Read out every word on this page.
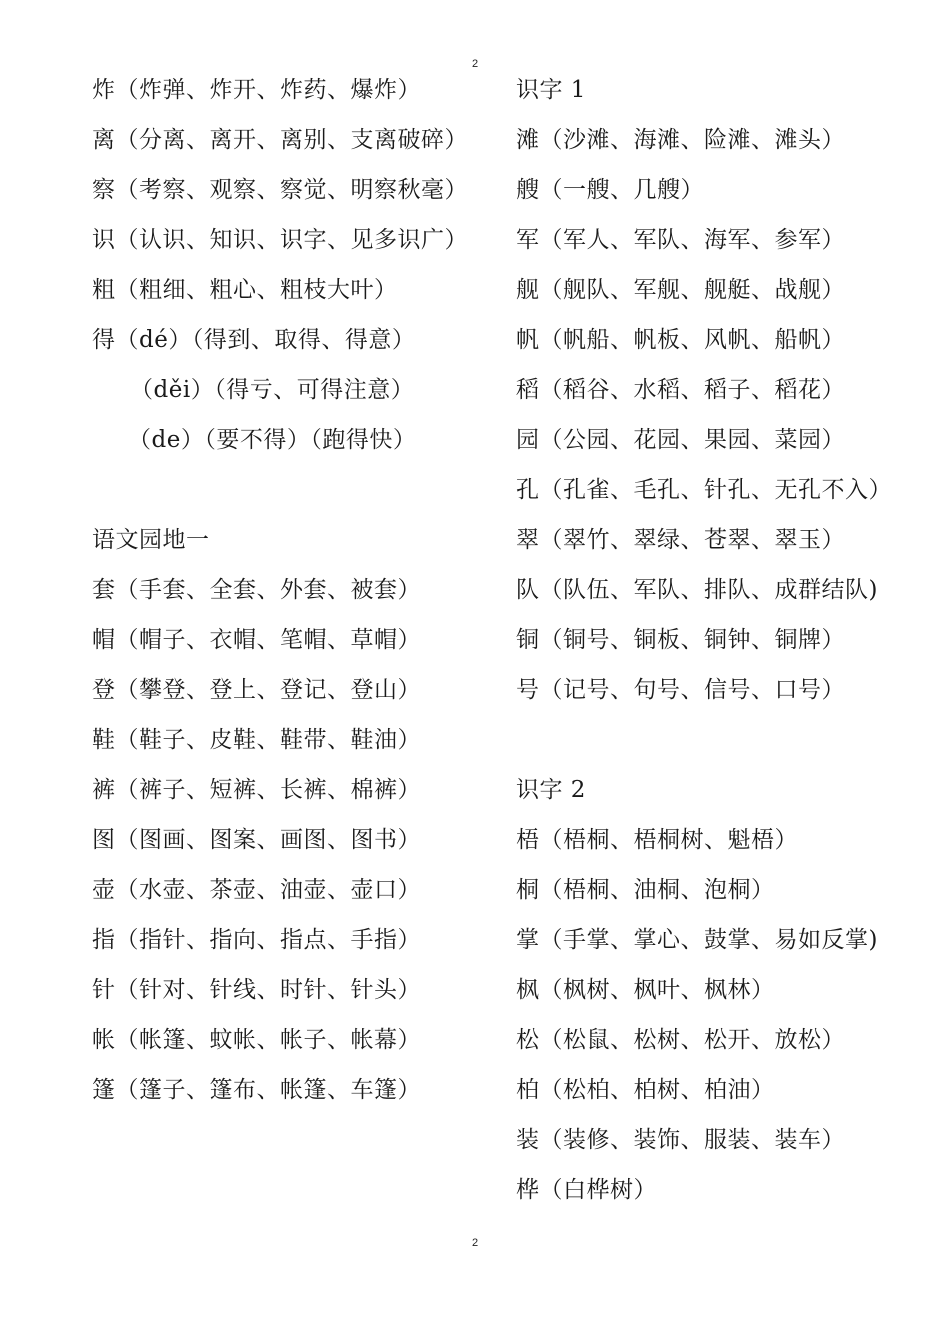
2
炸（炸弹、炸开、炸药、爆炸）
离（分离、离开、离别、支离破碎）
察（考察、观察、察觉、明察秋毫）
识（认识、知识、识字、见多识广）
粗（粗细、粗心、粗枝大叶）
得（dé）（得到、取得、得意）
（děi）（得亏、可得注意）
（de）（要不得）（跑得快）
语文园地一
套（手套、全套、外套、被套）
帽（帽子、衣帽、笔帽、草帽）
登（攀登、登上、登记、登山）
鞋（鞋子、皮鞋、鞋带、鞋油）
裤（裤子、短裤、长裤、棉裤）
图（图画、图案、画图、图书）
壶（水壶、茶壶、油壶、壶口）
指（指针、指向、指点、手指）
针（针对、针线、时针、针头）
帐（帐篷、蚊帐、帐子、帐幕）
篷（篷子、篷布、帐篷、车篷）
识字 1
滩（沙滩、海滩、险滩、滩头）
艘（一艘、几艘）
军（军人、军队、海军、参军）
舰（舰队、军舰、舰艇、战舰）
帆（帆船、帆板、风帆、船帆）
稻（稻谷、水稻、稻子、稻花）
园（公园、花园、果园、菜园）
孔（孔雀、毛孔、针孔、无孔不入）
翠（翠竹、翠绿、苍翠、翠玉）
队（队伍、军队、排队、成群结队)
铜（铜号、铜板、铜钟、铜牌）
号（记号、句号、信号、口号）
识字 2
梧（梧桐、梧桐树、魁梧）
桐（梧桐、油桐、泡桐）
掌（手掌、掌心、鼓掌、易如反掌)
枫（枫树、枫叶、枫林）
松（松鼠、松树、松开、放松）
柏（松柏、柏树、柏油）
装（装修、装饰、服装、装车）
桦（白桦树）
2
